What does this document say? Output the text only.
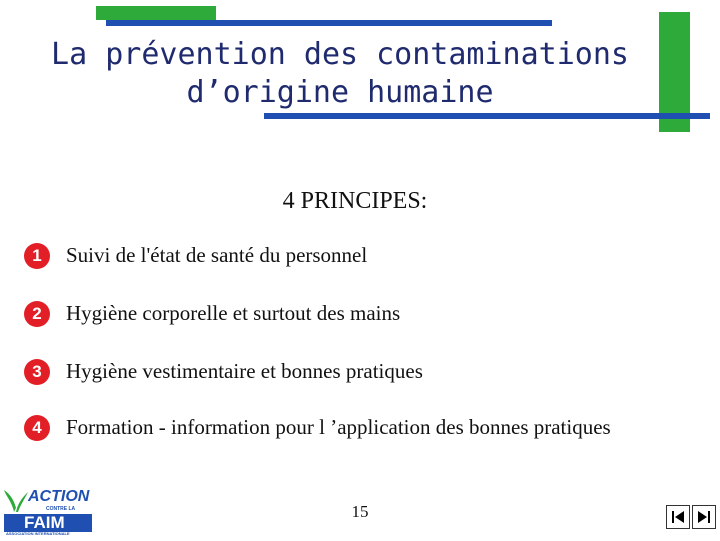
La prévention des contaminations
d’origine humaine
4 PRINCIPES:
1	Suivi de l'état de santé du personnel
2	Hygiène corporelle et surtout des mains
3	Hygiène vestimentaire et bonnes pratiques
4	Formation - information pour l ’application des bonnes pratiques
15
ACTION
CONTRE LA
FAIM
ASSOCIATION INTERNATIONALE
